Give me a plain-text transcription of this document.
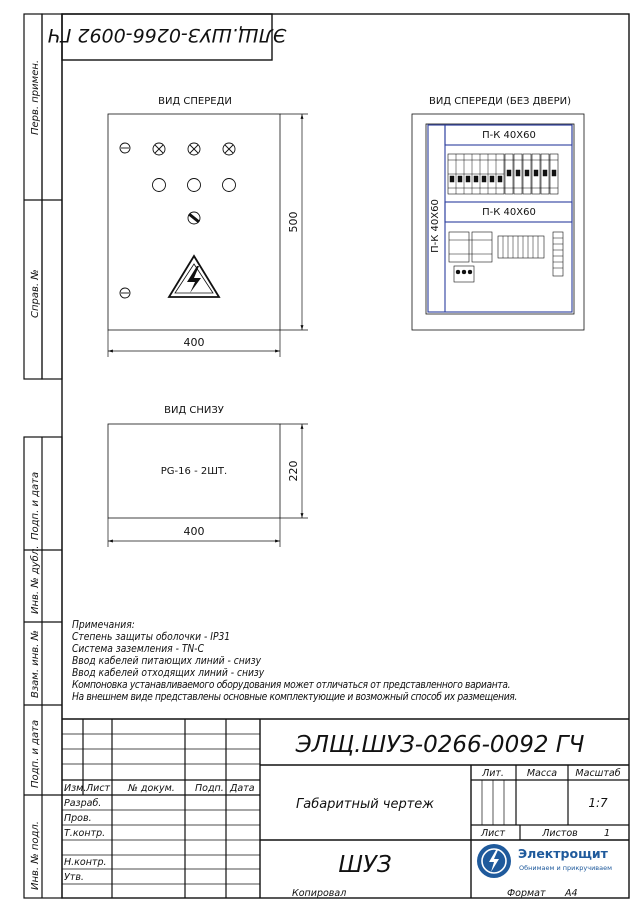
Перв. примен.
Справ. №
Подп. и дата
Инв. № дубл.
Взам. инв. №
Подп. и дата
Инв. № подл.
ЭЛЩ.ШУЗ-0266-0092 ГЧ
ВИД СПЕРЕДИ
400
500
ВИД СПЕРЕДИ (БЕЗ ДВЕРИ)
П-К 40Х60
П-К 40Х60
П-К 40Х60
ВИД СНИЗУ
PG-16 - 2ШТ.
400
220
ЭЛЩ.ШУЗ-0266-0092 ГЧ
Изм. Лист № докум. Подп. Дата
Разраб.
Пров.
Т.контр.
Н.контр.
Утв.
Габаритный чертеж
ШУЗ
Лит. Масса Масштаб
Лист	Листов
1:7
1
Копировал	Формат А4
Электрощит
Обнимаем и прикручиваем
Примечания:
Степень защиты оболочки - IP31
Система заземления - TN-C
Ввод кабелей питающих линий - снизу
Ввод кабелей отходящих линий - снизу
Компоновка устанавливаемого оборудования может отличаться от представленного варианта.
На внешнем виде представлены основные комплектующие и возможный способ их размещения.
